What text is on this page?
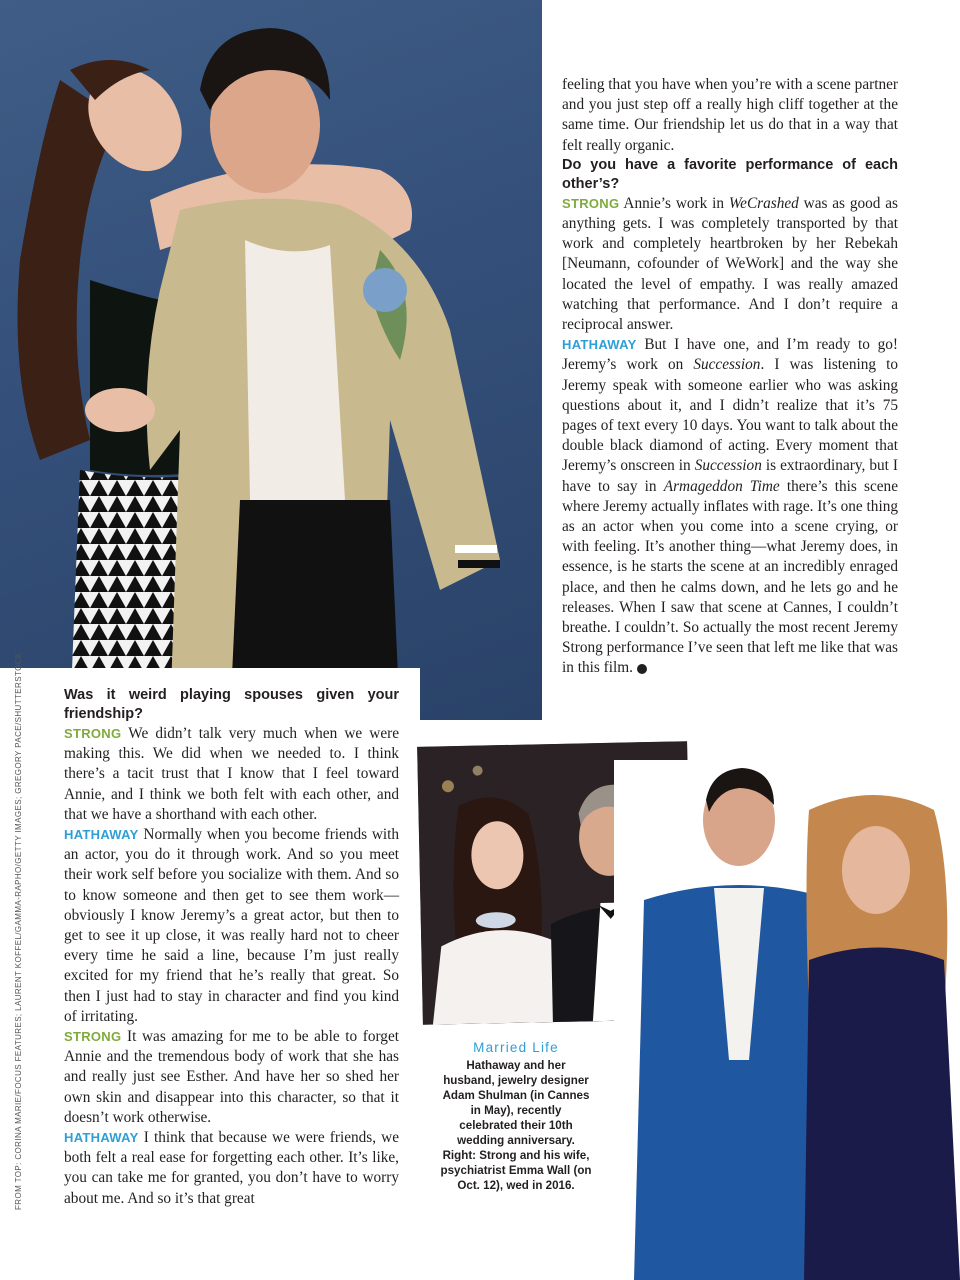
feeling that you have when you’re with a scene partner and you just step off a really high cliff together at the same time. Our friendship let us do that in a way that felt really organic.

Do you have a favorite performance of each other’s?

STRONG Annie’s work in WeCrashed was as good as anything gets. I was completely transported by that work and completely heartbroken by her Rebekah [Neumann, cofounder of WeWork] and the way she located the level of empathy. I was really amazed watching that performance. And I don’t require a reciprocal answer.

HATHAWAY But I have one, and I’m ready to go! Jeremy’s work on Succession. I was listening to Jeremy speak with someone earlier who was asking questions about it, and I didn’t realize that it’s 75 pages of text every 10 days. You want to talk about the double black diamond of acting. Every moment that Jeremy’s onscreen in Succession is extraordinary, but I have to say in Armageddon Time there’s this scene where Jeremy actually inflates with rage. It’s one thing as an actor when you come into a scene crying, or with feeling. It’s another thing—what Jeremy does, in essence, is he starts the scene at an incredibly enraged place, and then he calms down, and he lets go and he releases. When I saw that scene at Cannes, I couldn’t breathe. I couldn’t. So actually the most recent Jeremy Strong performance I’ve seen that left me like that was in this film.

Was it weird playing spouses given your friendship?

STRONG We didn’t talk very much when we were making this. We did when we needed to. I think there’s a tacit trust that I know that I feel toward Annie, and I think we both felt with each other, and that we have a shorthand with each other.

HATHAWAY Normally when you become friends with an actor, you do it through work. And so you meet their work self before you socialize with them. And so to know someone and then get to see them work—obviously I know Jeremy’s a great actor, but then to get to see it up close, it was really hard not to cheer every time he said a line, because I’m just really excited for my friend that he’s really that great. So then I just had to stay in character and find you kind of irritating.

STRONG It was amazing for me to be able to forget Annie and the tremendous body of work that she has and really just see Esther. And have her so shed her own skin and disappear into this character, so that it doesn’t work otherwise.

HATHAWAY I think that because we were friends, we both felt a real ease for forgetting each other. It’s like, you can take me for granted, you don’t have to worry about me. And so it’s that great

FROM TOP: CORINA MARIE/FOCUS FEATURES; LAURENT KOFFEL/GAMMA-RAPHO/GETTY IMAGES; GREGORY PACE/SHUTTERSTOCK	Married Life
Hathaway and her husband, jewelry designer Adam Shulman (in Cannes in May), recently celebrated their 10th wedding anniversary. Right: Strong and his wife, psychiatrist Emma Wall (on Oct. 12), wed in 2016.
